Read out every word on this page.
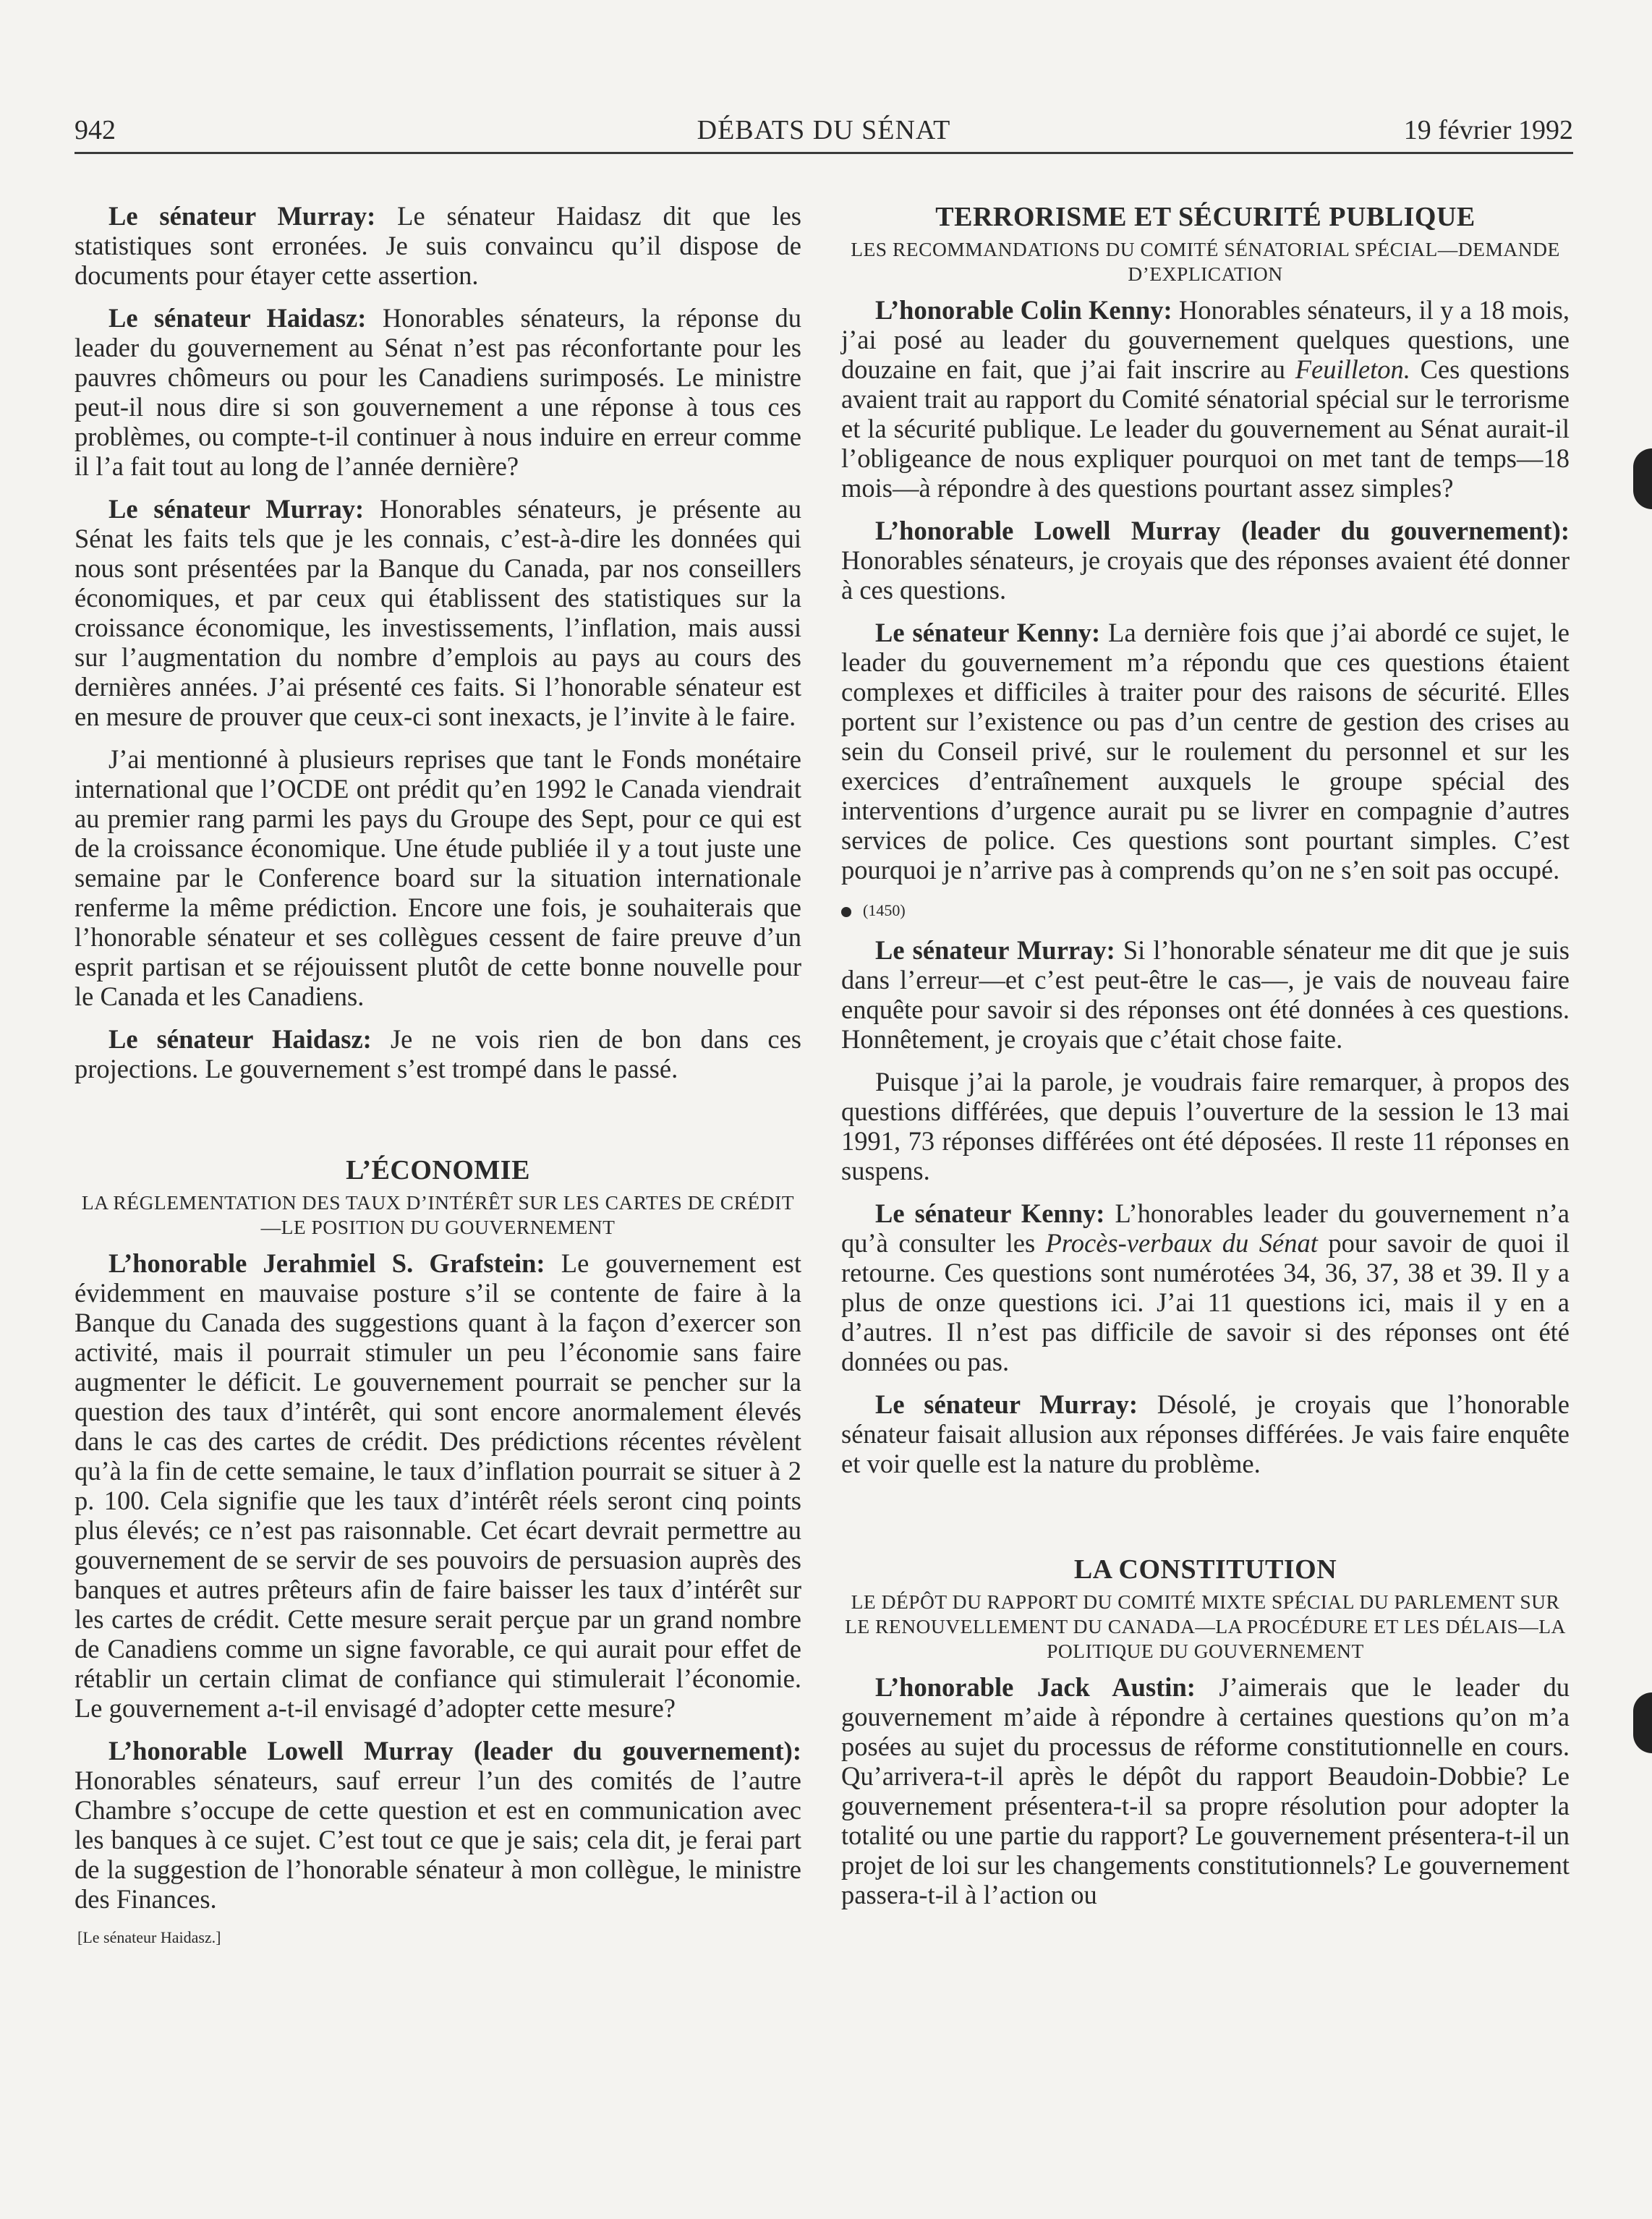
942	DÉBATS DU SÉNAT	19 février 1992

Le sénateur Murray: Le sénateur Haidasz dit que les statistiques sont erronées. Je suis convaincu qu’il dispose de documents pour étayer cette assertion.

Le sénateur Haidasz: Honorables sénateurs, la réponse du leader du gouvernement au Sénat n’est pas réconfortante pour les pauvres chômeurs ou pour les Canadiens surimposés. Le ministre peut-il nous dire si son gouvernement a une réponse à tous ces problèmes, ou compte-t-il continuer à nous induire en erreur comme il l’a fait tout au long de l’année dernière?

Le sénateur Murray: Honorables sénateurs, je présente au Sénat les faits tels que je les connais, c’est-à-dire les données qui nous sont présentées par la Banque du Canada, par nos conseillers économiques, et par ceux qui établissent des statistiques sur la croissance économique, les investissements, l’inflation, mais aussi sur l’augmentation du nombre d’emplois au pays au cours des dernières années. J’ai présenté ces faits. Si l’honorable sénateur est en mesure de prouver que ceux-ci sont inexacts, je l’invite à le faire.

J’ai mentionné à plusieurs reprises que tant le Fonds monétaire international que l’OCDE ont prédit qu’en 1992 le Canada viendrait au premier rang parmi les pays du Groupe des Sept, pour ce qui est de la croissance économique. Une étude publiée il y a tout juste une semaine par le Conference board sur la situation internationale renferme la même prédiction. Encore une fois, je souhaiterais que l’honorable sénateur et ses collègues cessent de faire preuve d’un esprit partisan et se réjouissent plutôt de cette bonne nouvelle pour le Canada et les Canadiens.

Le sénateur Haidasz: Je ne vois rien de bon dans ces projections. Le gouvernement s’est trompé dans le passé.

L’ÉCONOMIE
LA RÉGLEMENTATION DES TAUX D’INTÉRÊT SUR LES CARTES DE CRÉDIT—LE POSITION DU GOUVERNEMENT

L’honorable Jerahmiel S. Grafstein: Le gouvernement est évidemment en mauvaise posture s’il se contente de faire à la Banque du Canada des suggestions quant à la façon d’exercer son activité, mais il pourrait stimuler un peu l’économie sans faire augmenter le déficit. Le gouvernement pourrait se pencher sur la question des taux d’intérêt, qui sont encore anormalement élevés dans le cas des cartes de crédit. Des prédictions récentes révèlent qu’à la fin de cette semaine, le taux d’inflation pourrait se situer à 2 p. 100. Cela signifie que les taux d’intérêt réels seront cinq points plus élevés; ce n’est pas raisonnable. Cet écart devrait permettre au gouvernement de se servir de ses pouvoirs de persuasion auprès des banques et autres prêteurs afin de faire baisser les taux d’intérêt sur les cartes de crédit. Cette mesure serait perçue par un grand nombre de Canadiens comme un signe favorable, ce qui aurait pour effet de rétablir un certain climat de confiance qui stimulerait l’économie. Le gouvernement a-t-il envisagé d’adopter cette mesure?

L’honorable Lowell Murray (leader du gouvernement): Honorables sénateurs, sauf erreur l’un des comités de l’autre Chambre s’occupe de cette question et est en communication avec les banques à ce sujet. C’est tout ce que je sais; cela dit, je ferai part de la suggestion de l’honorable sénateur à mon collègue, le ministre des Finances.

[Le sénateur Haidasz.]
TERRORISME ET SÉCURITÉ PUBLIQUE
LES RECOMMANDATIONS DU COMITÉ SÉNATORIAL SPÉCIAL—DEMANDE D’EXPLICATION

L’honorable Colin Kenny: Honorables sénateurs, il y a 18 mois, j’ai posé au leader du gouvernement quelques questions, une douzaine en fait, que j’ai fait inscrire au Feuilleton. Ces questions avaient trait au rapport du Comité sénatorial spécial sur le terrorisme et la sécurité publique. Le leader du gouvernement au Sénat aurait-il l’obligeance de nous expliquer pourquoi on met tant de temps—18 mois—à répondre à des questions pourtant assez simples?

L’honorable Lowell Murray (leader du gouvernement): Honorables sénateurs, je croyais que des réponses avaient été donner à ces questions.

Le sénateur Kenny: La dernière fois que j’ai abordé ce sujet, le leader du gouvernement m’a répondu que ces questions étaient complexes et difficiles à traiter pour des raisons de sécurité. Elles portent sur l’existence ou pas d’un centre de gestion des crises au sein du Conseil privé, sur le roulement du personnel et sur les exercices d’entraînement auxquels le groupe spécial des interventions d’urgence aurait pu se livrer en compagnie d’autres services de police. Ces questions sont pourtant simples. C’est pourquoi je n’arrive pas à comprends qu’on ne s’en soit pas occupé.

(1450)

Le sénateur Murray: Si l’honorable sénateur me dit que je suis dans l’erreur—et c’est peut-être le cas—, je vais de nouveau faire enquête pour savoir si des réponses ont été données à ces questions. Honnêtement, je croyais que c’était chose faite.

Puisque j’ai la parole, je voudrais faire remarquer, à propos des questions différées, que depuis l’ouverture de la session le 13 mai 1991, 73 réponses différées ont été déposées. Il reste 11 réponses en suspens.

Le sénateur Kenny: L’honorables leader du gouvernement n’a qu’à consulter les Procès-verbaux du Sénat pour savoir de quoi il retourne. Ces questions sont numérotées 34, 36, 37, 38 et 39. Il y a plus de onze questions ici. J’ai 11 questions ici, mais il y en a d’autres. Il n’est pas difficile de savoir si des réponses ont été données ou pas.

Le sénateur Murray: Désolé, je croyais que l’honorable sénateur faisait allusion aux réponses différées. Je vais faire enquête et voir quelle est la nature du problème.

LA CONSTITUTION
LE DÉPÔT DU RAPPORT DU COMITÉ MIXTE SPÉCIAL DU PARLEMENT SUR LE RENOUVELLEMENT DU CANADA—LA PROCÉDURE ET LES DÉLAIS—LA POLITIQUE DU GOUVERNEMENT

L’honorable Jack Austin: J’aimerais que le leader du gouvernement m’aide à répondre à certaines questions qu’on m’a posées au sujet du processus de réforme constitutionnelle en cours. Qu’arrivera-t-il après le dépôt du rapport Beaudoin-Dobbie? Le gouvernement présentera-t-il sa propre résolution pour adopter la totalité ou une partie du rapport? Le gouvernement présentera-t-il un projet de loi sur les changements constitutionnels? Le gouvernement passera-t-il à l’action ou
